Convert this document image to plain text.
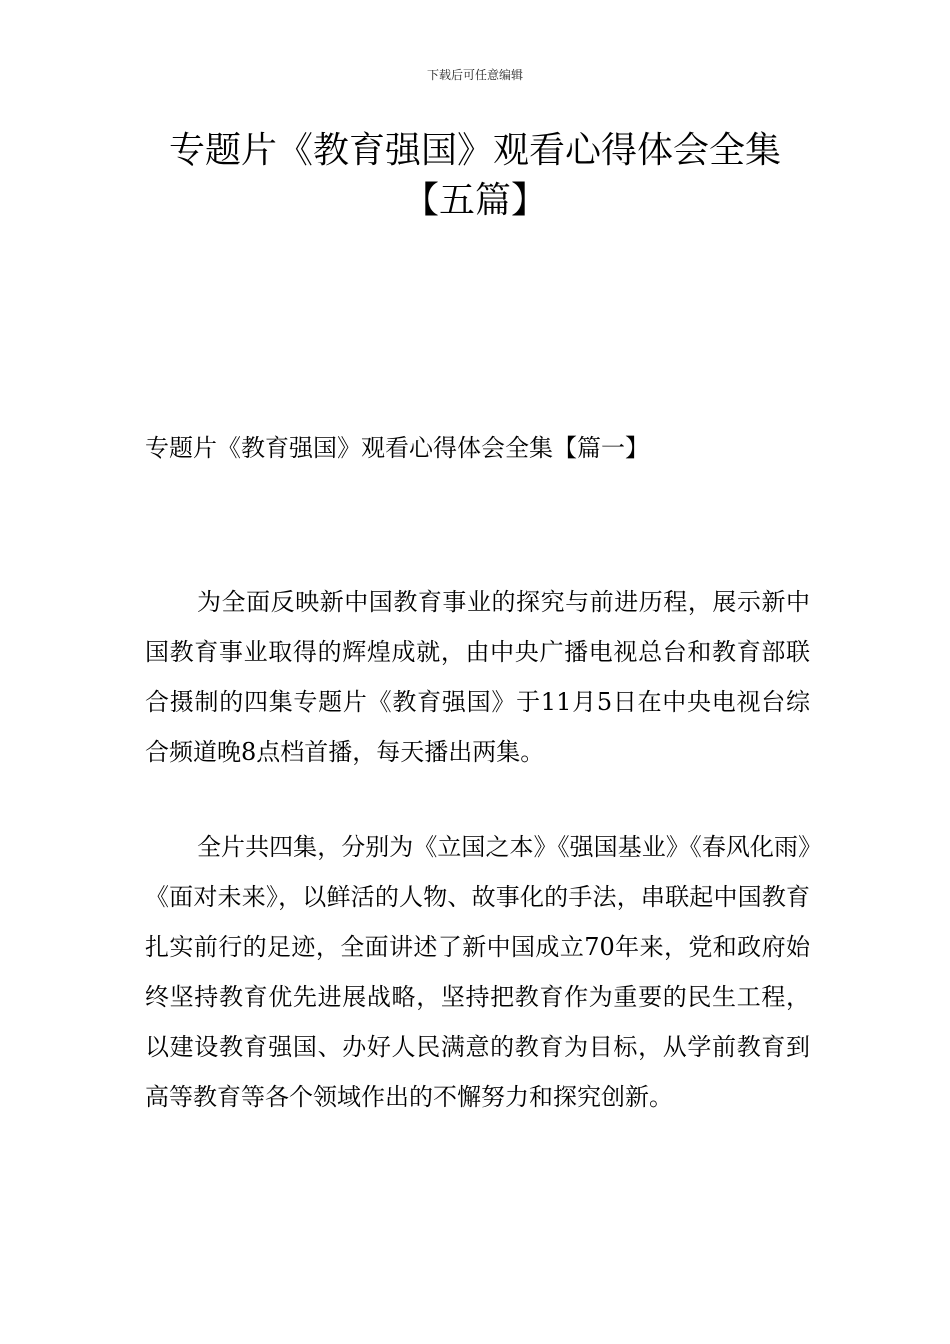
下载后可任意编辑
专题片《教育强国》观看心得体会全集
【五篇】
专题片《教育强国》观看心得体会全集【篇一】

为全面反映新中国教育事业的探究与前进历程，展示新中国教育事业取得的辉煌成就，由中央广播电视总台和教育部联合摄制的四集专题片《教育强国》于11月5日在中央电视台综合频道晚8点档首播，每天播出两集。

全片共四集，分别为《立国之本》《强国基业》《春风化雨》《面对未来》，以鲜活的人物、故事化的手法，串联起中国教育扎实前行的足迹，全面讲述了新中国成立70年来，党和政府始终坚持教育优先进展战略，坚持把教育作为重要的民生工程，以建设教育强国、办好人民满意的教育为目标，从学前教育到高等教育等各个领域作出的不懈努力和探究创新。
